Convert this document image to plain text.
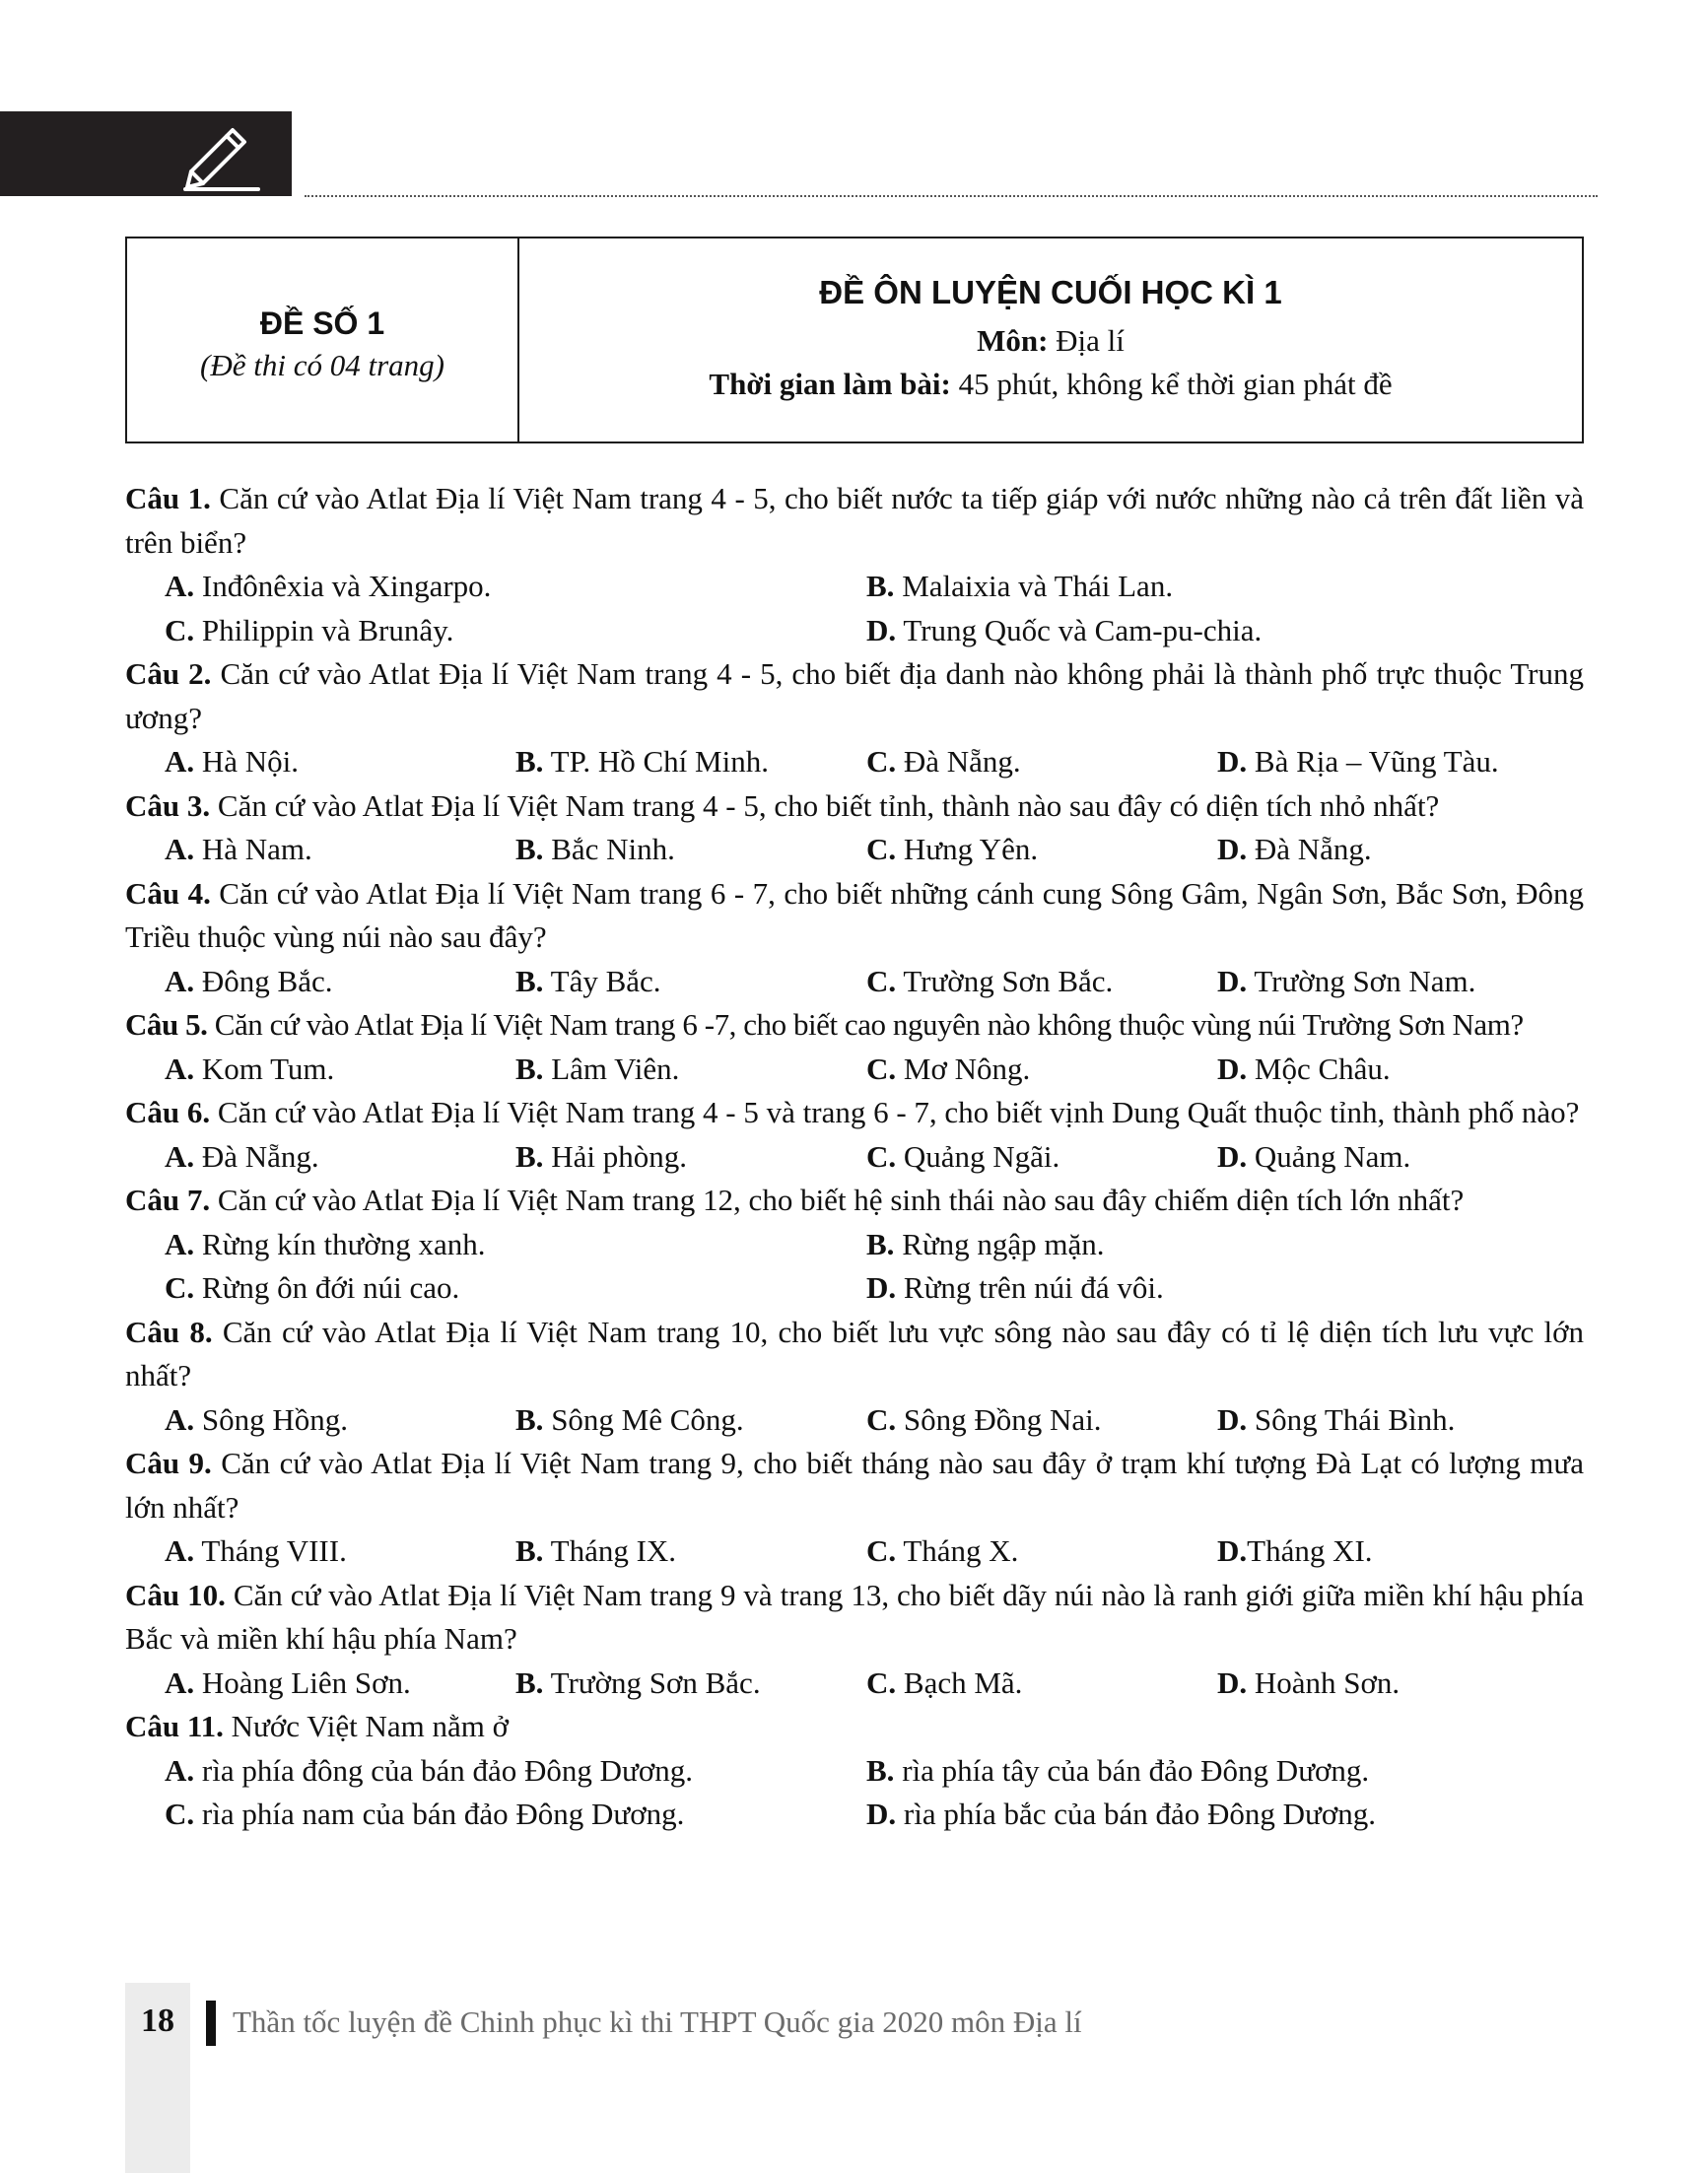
ĐỀ SỐ 1
(Đề thi có 04 trang)
ĐỀ ÔN LUYỆN CUỐI HỌC KÌ 1
Môn: Địa lí
Thời gian làm bài: 45 phút, không kể thời gian phát đề
Câu 1. Căn cứ vào Atlat Địa lí Việt Nam trang 4 - 5, cho biết nước ta tiếp giáp với nước những nào cả trên đất liền và trên biển?
A. Inđônêxia và Xingarpo.	B. Malaixia và Thái Lan.
C. Philippin và Brunây.	D. Trung Quốc và Cam-pu-chia.
Câu 2. Căn cứ vào Atlat Địa lí Việt Nam trang 4 - 5, cho biết địa danh nào không phải là thành phố trực thuộc Trung ương?
A. Hà Nội.	B. TP. Hồ Chí Minh.	C. Đà Nẵng.	D. Bà Rịa – Vũng Tàu.
Câu 3. Căn cứ vào Atlat Địa lí Việt Nam trang 4 - 5, cho biết tỉnh, thành nào sau đây có diện tích nhỏ nhất?
A. Hà Nam.	B. Bắc Ninh.	C. Hưng Yên.	D. Đà Nẵng.
Câu 4. Căn cứ vào Atlat Địa lí Việt Nam trang 6 - 7, cho biết những cánh cung Sông Gâm, Ngân Sơn, Bắc Sơn, Đông Triều thuộc vùng núi nào sau đây?
A. Đông Bắc.	B. Tây Bắc.	C. Trường Sơn Bắc.	D. Trường Sơn Nam.
Câu 5. Căn cứ vào Atlat Địa lí Việt Nam trang 6 -7, cho biết cao nguyên nào không thuộc vùng núi Trường Sơn Nam?
A. Kom Tum.	B. Lâm Viên.	C. Mơ Nông.	D. Mộc Châu.
Câu 6. Căn cứ vào Atlat Địa lí Việt Nam trang 4 - 5 và trang 6 - 7, cho biết vịnh Dung Quất thuộc tỉnh, thành phố nào?
A. Đà Nẵng.	B. Hải phòng.	C. Quảng Ngãi.	D. Quảng Nam.
Câu 7. Căn cứ vào Atlat Địa lí Việt Nam trang 12, cho biết hệ sinh thái nào sau đây chiếm diện tích lớn nhất?
A. Rừng kín thường xanh.	B. Rừng ngập mặn.
C. Rừng ôn đới núi cao.	D. Rừng trên núi đá vôi.
Câu 8. Căn cứ vào Atlat Địa lí Việt Nam trang 10, cho biết lưu vực sông nào sau đây có tỉ lệ diện tích lưu vực lớn nhất?
A. Sông Hồng.	B. Sông Mê Công.	C. Sông Đồng Nai.	D. Sông Thái Bình.
Câu 9. Căn cứ vào Atlat Địa lí Việt Nam trang 9, cho biết tháng nào sau đây ở trạm khí tượng Đà Lạt có lượng mưa lớn nhất?
A. Tháng VIII.	B. Tháng IX.	C. Tháng X.	D.Tháng XI.
Câu 10. Căn cứ vào Atlat Địa lí Việt Nam trang 9 và trang 13, cho biết dãy núi nào là ranh giới giữa miền khí hậu phía Bắc và miền khí hậu phía Nam?
A. Hoàng Liên Sơn.	B. Trường Sơn Bắc.	C. Bạch Mã.	D. Hoành Sơn.
Câu 11. Nước Việt Nam nằm ở
A. rìa phía đông của bán đảo Đông Dương.	B. rìa phía tây của bán đảo Đông Dương.
C. rìa phía nam của bán đảo Đông Dương.	D. rìa phía bắc của bán đảo Đông Dương.
18	Thần tốc luyện đề Chinh phục kì thi THPT Quốc gia 2020 môn Địa lí
